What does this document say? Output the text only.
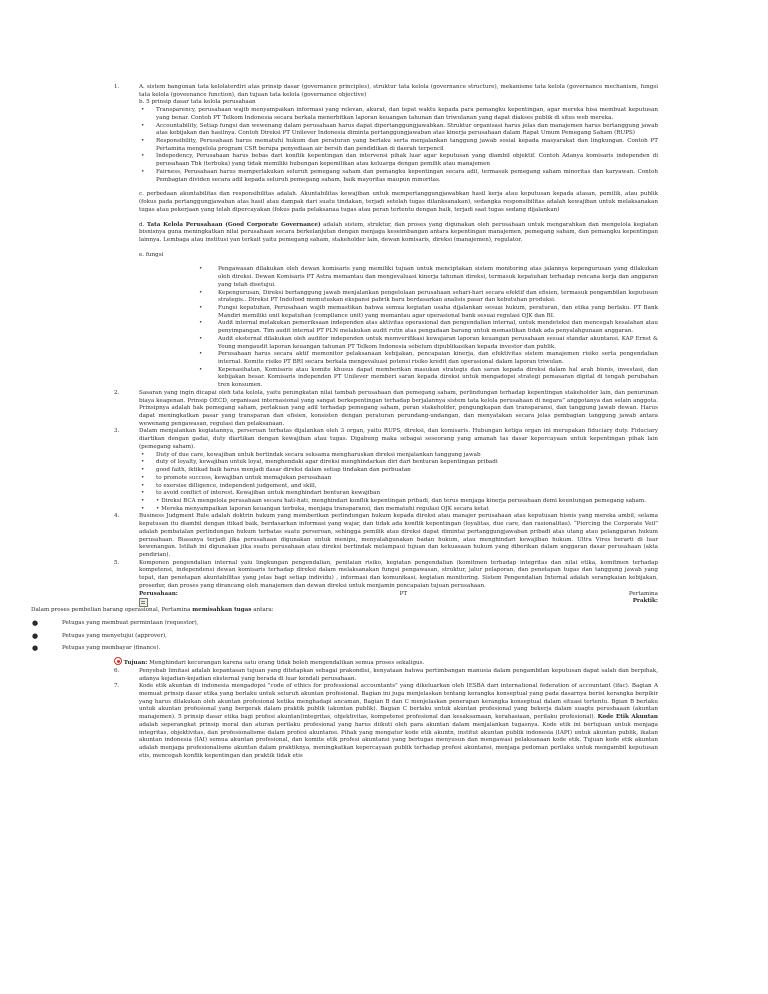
1.	A. sistem bangunan tata kelolaterdiri atas prinsip dasar (governance principles), struktur tata kelola (governance structure), mekanisme tata kelola (governance mechanism, fungsi tata kelola (goveenance function), dan tujuan tata kelola (governance objective)

b. 5 prinsip dasar tata kelola perusahaan

• Transparency, perusahaan wajib menyampaikan informasi yang relevan, akurat, dan tepat waktu kepada para pemangku kepentingan, agar mereka bisa membuat keputusan yang benar. Contoh PT Telkom Indonesia secara berkala menerbitkan laporan keuangan tahunan dan triwulanan yang dapat diakses publik di situs web mereka.
• Accountability, Setiap fungsi dan wewenang dalam perusahaan harus dapat dipertanggungjawabkan. Struktur organisasi harus jelas dan manajemen harus bertanggung jawab atas kebijakan dan hasilnya. Contoh Direksi PT Unilever Indonesia diminta pertanggungjawaban atas kinerja perusahaan dalam Rapat Umum Pemegang Saham (RUPS)
• Responsibility, Perusahaan harus mematuhi hukum dan peraturan yang berlaku serta menjalankan tanggung jawab sosial kepada masyarakat dan lingkungan. Contoh PT Pertamina mengelola program CSR berupa penyediaan air bersih dan pendidikan di daerah terpencil
• Indepedency, Perusahaan harus bebas dari konflik kepentingan dan intervensi pihak luar agar keputusan yang diambil objektif. Contoh Adanya komisaris independen di perusahaan Tbk (terbuka) yang tidak memiliki hubungan kepemilikan atau keluarga dengan pemilik atau manajemen
• Fairness, Perusahaan harus memperlakukan seluruh pemegang saham dan pemangku kepentingan secara adil, termasuk pemegang saham minoritas dan karyawan. Contoh Pembagian dividen secara adil kepada seluruh pemegang saham, baik mayoritas maupun minoritas.

c. perbedaan akuntabilitas dan responsibilitas adalah. Akuntabilitas kewajiban untuk mempertanggungjawabkan hasil kerja atau keputusan kepada atasan, pemilik, atau publik (fokus pada pertanggungjawaban atas hasil atau dampak dari suatu tindakan, terjadi setelah tugas dilanksanakan), sedangka responsibilitas adalah kewajiban untuk melaksanakan tugas atau pekerjaan yang telah dipercayakan (fokus pada pelaksanaa tugas atau peran tertentu dengan baik, terjadi saat tugas sedang dijalankan)

d. Tata Kelola Perusahaan (Good Corporate Governance) adalah sistem, struktur, dan proses yang digunakan oleh perusahaan untuk mengarahkan dan mengelola kegiatan bisnisnya guna meningkatkan nilai perusahaan secara berkelanjutan dengan menjaga keseimbangan antara kepentingan manajemen, pemegang saham, dan pemangku kepentingan lainnya. Lembaga atau institusi yan terkait yaitu pemegang saham, stakeholder lain, dewan komisaris, direksi (manajemen), regulator.

e. fungsi

• Pengawasan dilakukan oleh dewan komisaris yang memiliki tujuan untuk menciptakan sistem monitoring atas jalannya kepengurusan yang dilakukan oleh direksi. Dewan Komisaris PT Astra memantau dan mengevaluasi kinerja tahunan direksi, termasuk kepatuhan terhadap rencana kerja dan anggaran yang telah disetujui.
• Kepengurusan, Direksi bertanggung jawab menjalankan pengelolaan perusahaan sehari-hari secara efektif dan efisien, termasuk pengambilan keputusan strategis.. Direksi PT Indofood memutuskan ekspansi pabrik baru berdasarkan analisis pasar dan kebutuhan produksi.
• Fungsi kepatuhan, Perusahaan wajib memastikan bahwa semua kegiatan usaha dijalankan sesuai hukum, peraturan, dan etika yang berlaku. PT Bank Mandiri memiliki unit kepatuhan (compliance unit) yang memantau agar operasional bank sesuai regulasi OJK dan BI.
• Audit internal melakukan pemeriksaan independen atas aktivitas operasional dan pengendalian internal, untuk mendeteksi dan mencegah kesalahan atau penyimpangan. Tim audit internal PT PLN melakukan audit rutin atas pengadaan barang untuk memastikan tidak ada penyalahgunaan anggaran.
• Audit eksternal dilakukan oleh auditor independen untuk memverifikasi kewajaran laporan keuangan perusahaan sesuai standar akuntansi. KAP Ernst & Young mengaudit laporan keuangan tahunan PT Telkom Indonesia sebelum dipublikasikan kepada investor dan publik.
• Perusahaan harus secara aktif memonitor pelaksanaan kebijakan, pencapaian kinerja, dan efektivitas sistem manajemen risiko serta pengendalian internal. Komite risiko PT BRI secara berkala mengevaluasi potensi risiko kredit dan operasional dalam laporan triwulan.
• Kepenasihatan, Komisaris atau komite khusus dapat memberikan masukan strategis dan saran kepada direksi dalam hal arah bisnis, investasi, dan kebijakan besar. Komisaris independen PT Unilever memberi saran kepada direksi untuk mengadopsi strategi pemasaran digital di tengah perubahan tren konsumen.
2.	Sasaran yang ingin dicapai oleh tata kelola, yaitu peningkatan nilai tambah perusahaan dan pemegang saham, perlindungan terhadap kepentingan stakeholder lain, dan penurunan biaya keagenan. Prinsip OECD, organisasi internasional yang sangat berkepentingan terhadap berjalannya sistem tata kelola perusahaan di negara” anggotanya dan selain anggota. Prinsipnya adalah hak pemegang saham, perlakuan yang adil terhadap pemegang saham, peran stakeholder, pengungkapan dan transparansi, dan tanggung jawab dewan. Harus dapat meningkatkan pasar yang transparan dan efisien, konsisten dengan peraturan perundang-undangan, dan menyatakan secara jelas pembagian tanggung jawab antara wewenang pengawasan, regulasi dan pelaksanaan.

3.	Dalam menjalankan kegiatannya, perseroan terbatas dijalankan oleh 3 organ, yaitu RUPS, direksi, dan komisaris. Hubungan ketiga organ ini merupakan fiduciary duty. Fiduciary diartikan dengan gadai, duty diartikan dengan kewajiban atau tugas. Digabung maka sebagai seseorang yang amanah tas dasar kepercayaan untuk kepentingan pihak lain (pemegang saham).

• Duty of due care, kewajiban untuk bertindak secara seksama mengharuskan direksi menjalankan tanggung jawab
• duty of loyalty, kewajiban untuk loyal, menghendaki agar direksi menghindarkan diri dari benturan kepentingan pribadi
• good faith, iktikad baik harus menjadi dasar direksi dalam setiap tindakan dan perbuatan
• to promote success, kewajiban untuk memajukan perusahaan
• to exersise dilligence, independent judgement, and skill,
• to avoid conflict of interest. Kewajiban untuk menghindari benturan kewajiban
• • Direksi BCA mengelola perusahaan secara hati-hati, menghindari konflik kepentingan pribadi, dan terus menjaga kinerja perusahaan demi keuntungan pemegang saham.
• • Mereka menyampaikan laporan keuangan terbuka, menjaga transparansi, dan mematuhi regulasi OJK secara ketat
4.	Business Judgment Rule adalah doktrin hukum yang memberikan perlindungan hukum kepada direksi atau manajer perusahaan atas keputusan bisnis yang mereka ambil, selama keputusan itu diambil dengan itikad baik, berdasarkan informasi yang wajar, dan tidak ada konflik kepentingan (loyalitas, due care, dan rasionalitas). “Piercing the Corporate Veil” adalah pembatalan perlindungan hukum terbatas suatu perseroan, sehingga pemilik atau direksi dapat dimintai pertanggungjawaban pribadi atas utang atau pelanggaran hukum perusahaan. Biasanya terjadi jika perusahaan digunakan untuk menipu, menyalahgunakan badan hukum, atau menghindari kewajiban hukum. Ultra Vires berarti di luar kewenangan. Istilah ini digunakan jika suatu perusahaan atau direksi bertindak melampaui tujuan dan kekuasaan hukum yang diberikan dalam anggaran dasar perusahaan (akta pendirian).

5.	Komponen pengendalian internal yaiu lingkungan pengendalian, penilaian risiko, kegiatan pengendalian (komitmen terhadap integritas dan nilai etika, komitmen terhadap kompetensi, independensi dewan komisaris terhadap direksi dalam melaksanakan fungsi pengawasan, struktur, jalur pelaporan, dan penetapan tugas dan tanggung jawab yang tepat, dan penetapan akuntabilitas yang jelas bagi setiap individu) , informasi dan komunikasi, kegiatan monitoring. Sistem Pengendalian Internal adalah serangkaian kebijakan, prosedur, dan proses yang dirancang oleh manajemen dan dewan direksi untuk menjamin pencapaian tujuan perusahaan.

Perusahaan:	PT	Pertamina
Praktik:

Dalam proses pembelian barang operasional, Pertamina memisahkan tugas antara:

● Petugas yang membuat permintaan (requestor),
● Petugas yang menyetujui (approver),
● Petugas yang membayar (finance).

Tujuan: Menghindari kecurangan karena satu orang tidak boleh mengendalikan semua proses sekaligus.

6.	Penyebab limitasi adalah kepantasan tujuan yang ditetapkan sebagai prakondisi, kenyataan bahwa pertimbangan manusia dalam pengambilan keputusan dapat salah dan berpihak, adanya kejadian-kejadian eksternal yang berada di luar kendali perusahaan.

7.	Kode etik akuntan di indonesia mengadopsi "code of ethics for professional accountants" yang dikeluarkan oleh IESBA dari international federation of accountant (ifac). Bagian A memuat prinsip dasar etika yang berlaku untuk seluruh akuntan profesional. Bagian ini juga menjelaskan tentang kerangka konseptual yang pada dasarnya berisi kerangka berpikir yang harus dilakukan oleh akuntan profesional ketika menghadapi ancaman, Bagian B dan C menjelaskan penerapan kerangka konseptual dalam situasi tertentu. Bgian B berlaku untuk akuntan profesional yang bergerak dalam praktik publik (akuntan publik). Bagian C berlaku untuk akuntan profesional yang bekerja dalam suagtu perushaaan (akuntan manajemen). 5 prinsip dasar etika bagi profesi akuntan(integritas, objektivitas, kompetensi profesional dan kesaksamaan, kerahasiaan, perilaku profesional). Kode Etik Akuntan adalah seperangkat prinsip moral dan aturan perilaku profesional yang harus diikuti oleh para akuntan dalam menjalankan tugasnya. Kode etik ini bertujuan untuk menjaga integritas, objektivitas, dan profesionalisme dalam profesi akuntansi. Pihak yang mengatur kode etik akuntn, institut akuntan publik indonesia (IAPI) untuk akuntan publik, ikatan akuntan indonesia (IAI) semua akuntan profesional, dan komite etik profesi akuntansi yang bertugas menyusun dan mengawasi pelaksanaan kode etik. Tujuan kode etik akuntan adalah menjaga profesionalisme akuntan dalam praktiknya, meningkatkan kepercayaan publik terhadap profesi akuntansi, menjaga pedoman perilaku untuk mengambil keputusan etis, mencegah konflik kepentingan dan praktik tidak etis
